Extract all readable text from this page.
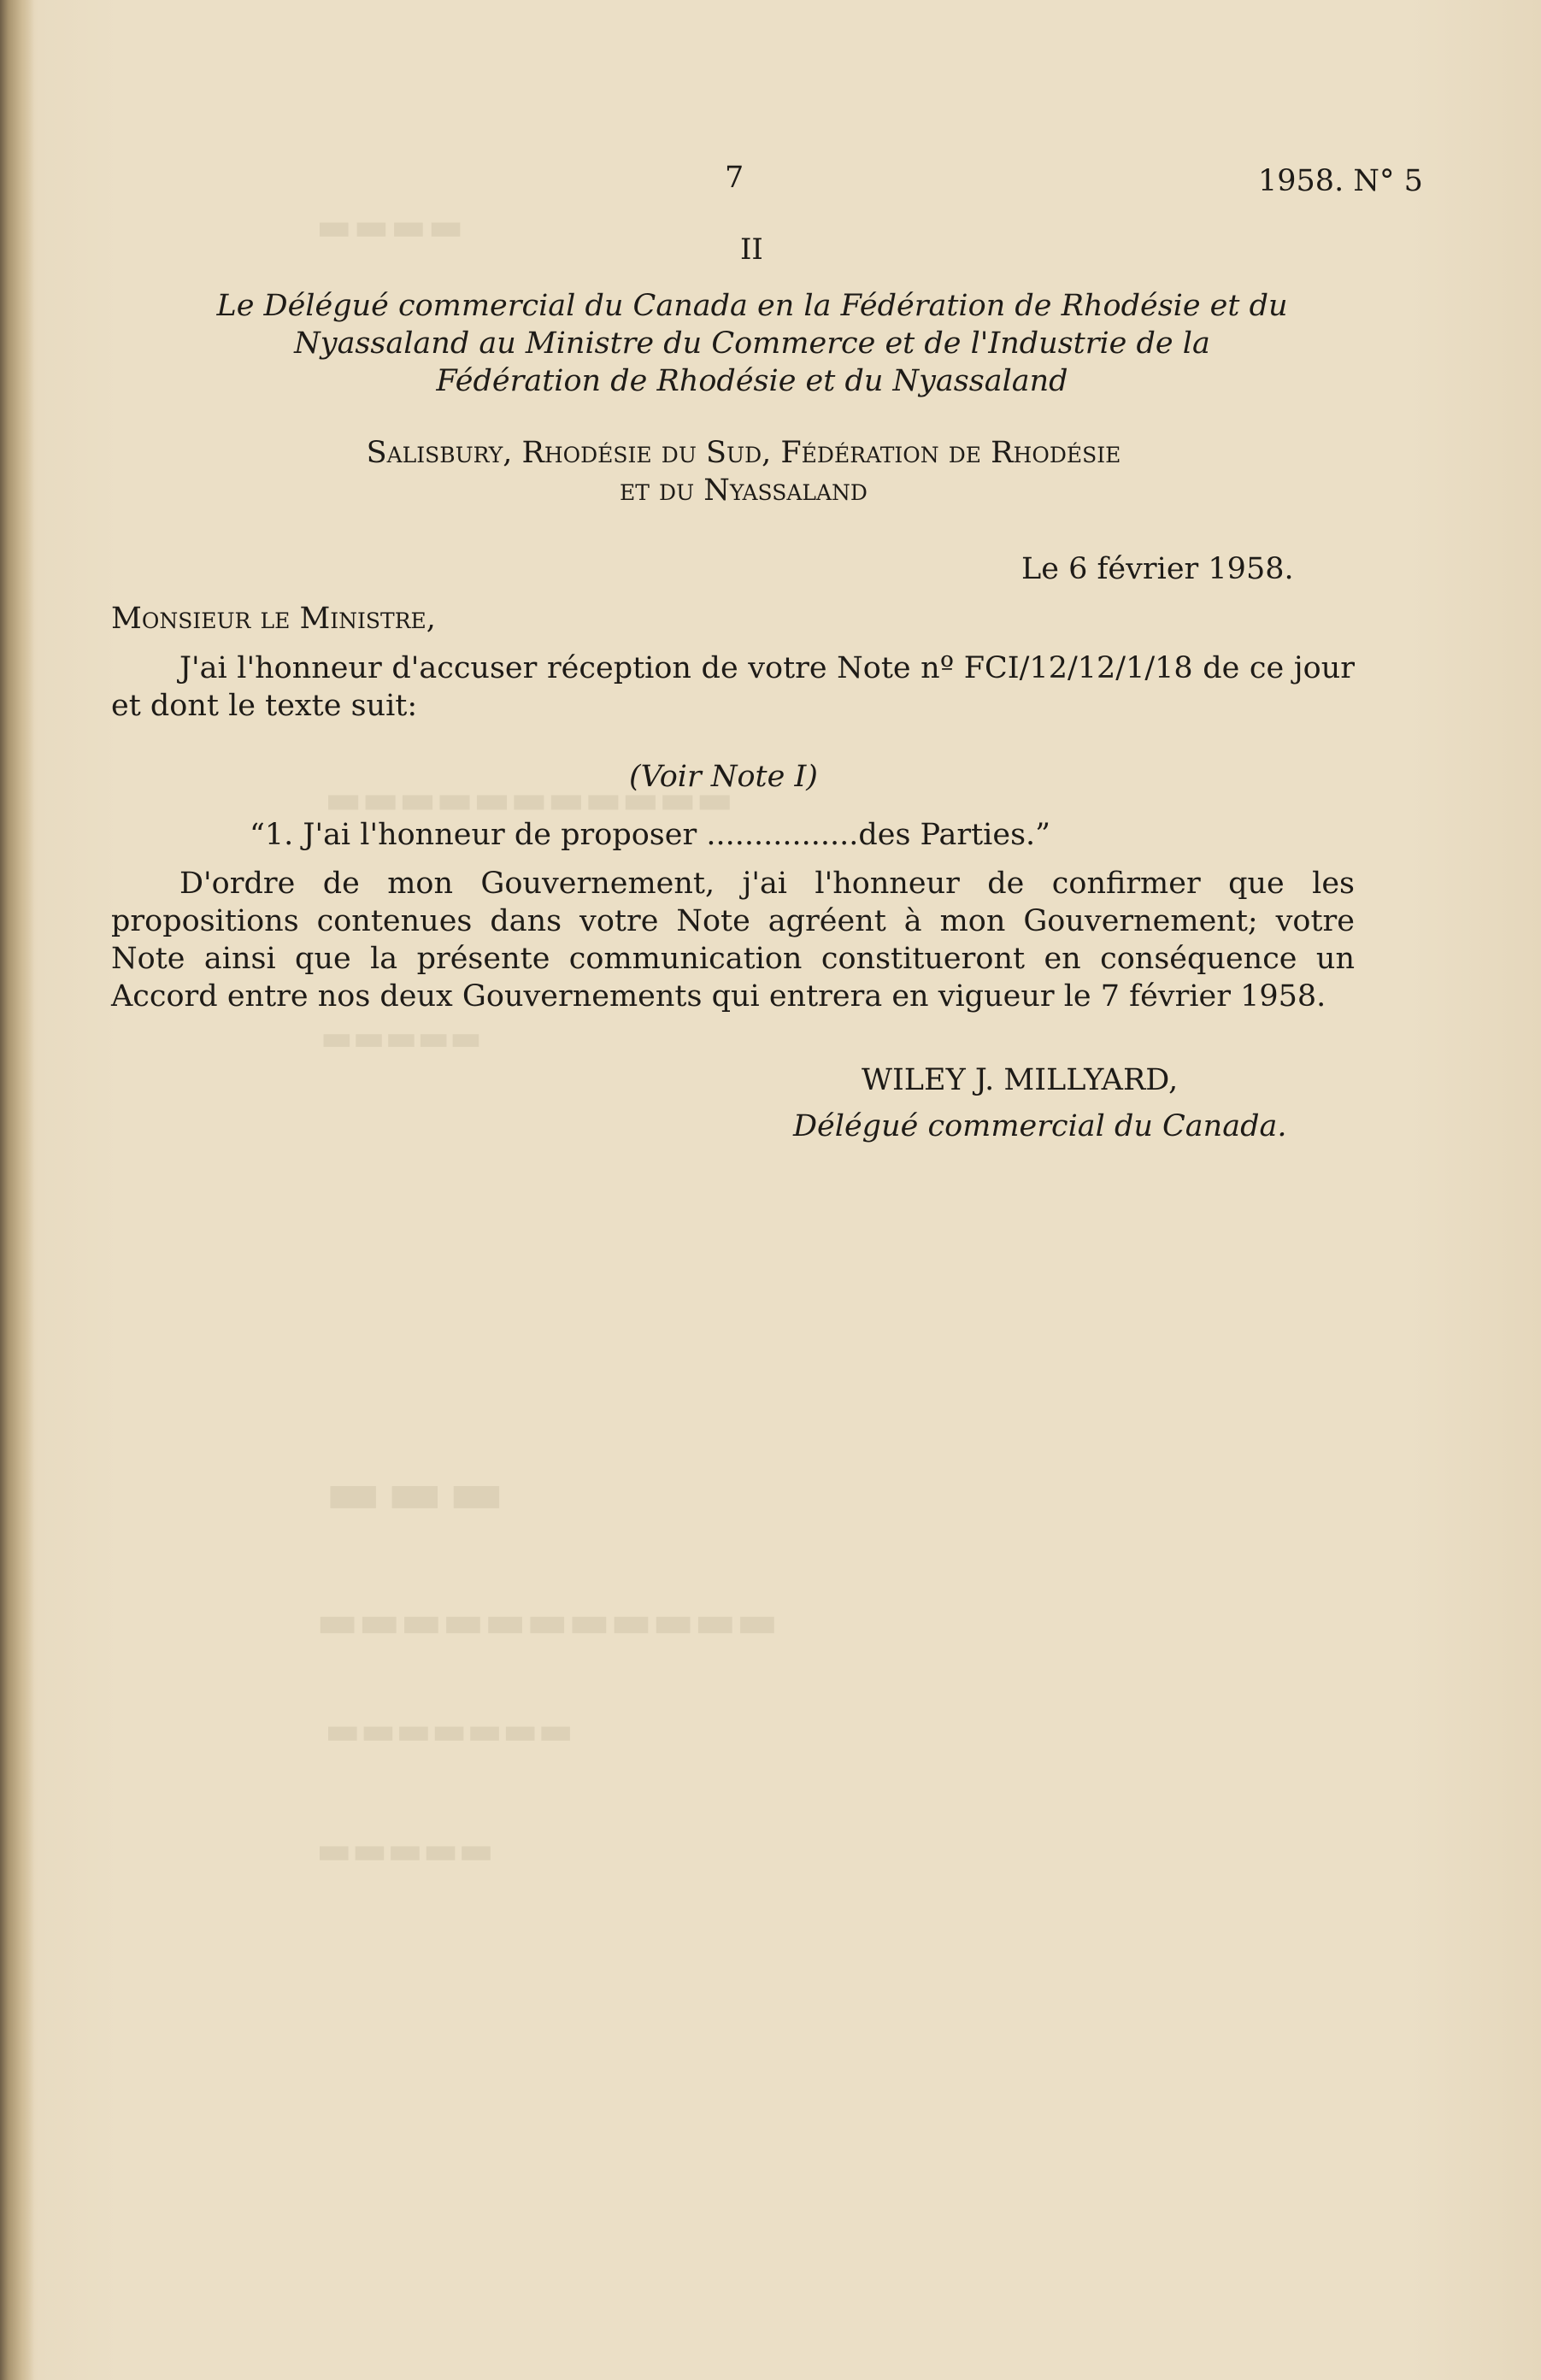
▬▬▬▬
▬▬▬▬▬▬▬▬▬▬▬
▬▬▬▬▬
▬▬▬
▬▬▬▬▬▬▬▬▬▬▬
▬▬▬▬▬▬▬
▬▬▬▬▬
7	1958. N° 5
II
Le Délégué commercial du Canada en la Fédération de Rhodésie et du
Nyassaland au Ministre du Commerce et de l'Industrie de la
Fédération de Rhodésie et du Nyassaland
Salisbury, Rhodésie du Sud, Fédération de Rhodésie
et du Nyassaland
Le 6 février 1958.
Monsieur le Ministre,
J'ai l'honneur d'accuser réception de votre Note nº FCI/12/12/1/18 de ce jour et dont le texte suit:
(Voir Note I)
“1. J'ai l'honneur de proposer ................des Parties.”
D'ordre de mon Gouvernement, j'ai l'honneur de confirmer que les propositions contenues dans votre Note agréent à mon Gouvernement; votre Note ainsi que la présente communication constitueront en conséquence un Accord entre nos deux Gouvernements qui entrera en vigueur le 7 février 1958.
WILEY J. MILLYARD,
Délégué commercial du Canada.
